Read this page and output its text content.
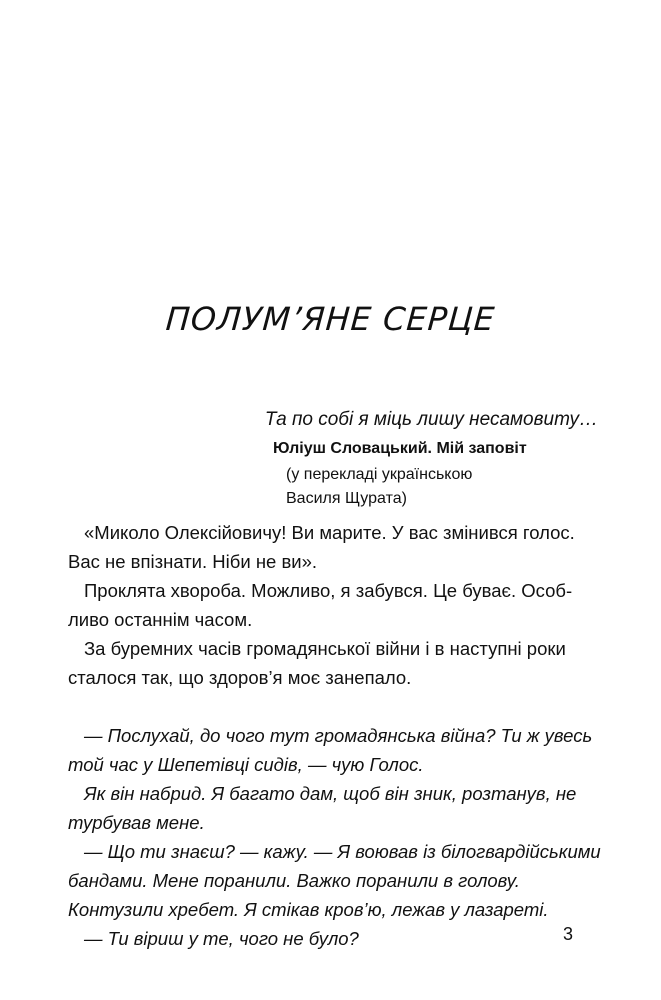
ПОЛУМ’ЯНЕ СЕРЦЕ
Та по собі я міць лишу несамовиту…
Юліуш Словацький. Мій заповіт
(у перекладі українською
Василя Щурата)
«Миколо Олексійовичу! Ви марите. У вас змінився голос.
Вас не впізнати. Ніби не ви».
Проклята хвороба. Можливо, я забувся. Це буває. Особ-
ливо останнім часом.
За буремних часів громадянської війни і в наступні роки
сталося так, що здоров’я моє занепало.
— Послухай, до чого тут громадянська війна? Ти ж увесь
той час у Шепетівці сидів, — чую Голос.
Як він набрид. Я багато дам, щоб він зник, розтанув, не
турбував мене.
— Що ти знаєш? — кажу. — Я воював із білогвардійськими
бандами. Мене поранили. Важко поранили в голову.
Контузили хребет. Я стікав кров’ю, лежав у лазареті.
— Ти віриш у те, чого не було?	3
